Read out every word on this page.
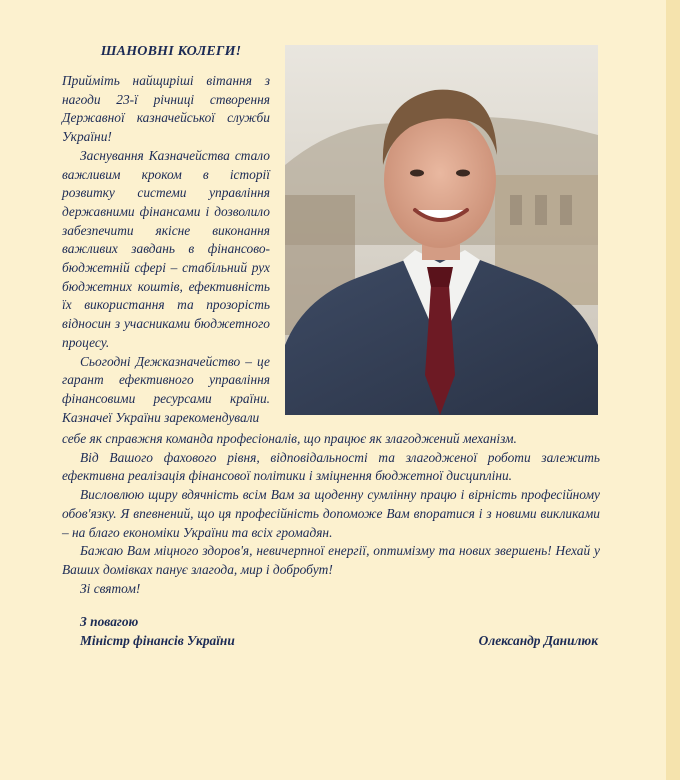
ШАНОВНІ КОЛЕГИ!

Прийміть найщиріші вітання з нагоди 23-ї річниці створення Державної казначейської служби України!

Заснування Казначейства стало важливим кроком в історії розвитку системи управління державними фінансами і дозволило забезпечити якісне виконання важливих завдань в фінансово-бюджетній сфері – стабільний рух бюджетних коштів, ефективність їх використання та прозорість відносин з учасниками бюджетного процесу.

Сьогодні Дежказначейство – це гарант ефективного управління фінансовими ресурсами країни. Казначеї України зарекомендували

себе як справжня команда професіоналів, що працює як злагоджений механізм.

Від Вашого фахового рівня, відповідальності та злагодженої роботи залежить ефективна реалізація фінансової політики і зміцнення бюджетної дисципліни.

Висловлюю щиру вдячність всім Вам за щоденну сумлінну працю і вірність професійному обов'язку. Я впевнений, що ця професійність допоможе Вам впоратися і з новими викликами – на благо економіки України та всіх громадян.

Бажаю Вам міцного здоров'я, невичерпної енергії, оптимізму та нових звершень! Нехай у Ваших домівках панує злагода, мир і добробут!

Зі святом!

З повагою
Міністр фінансів України	Олександр Данилюк
